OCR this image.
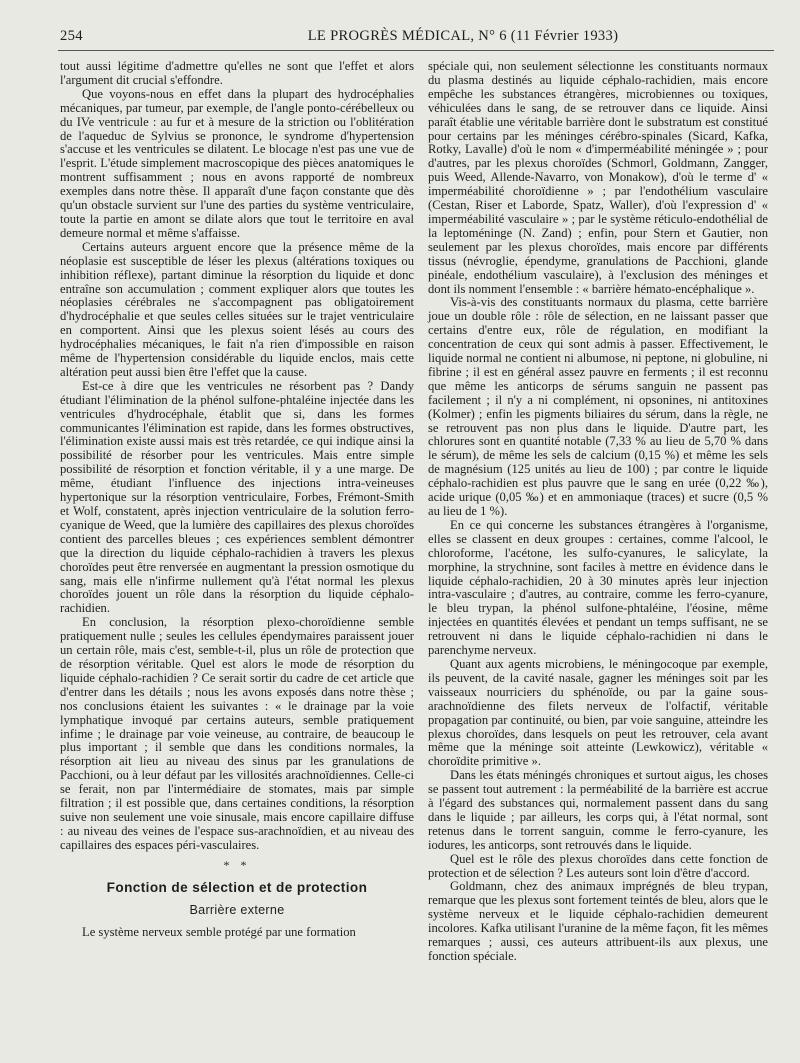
254	LE PROGRÈS MÉDICAL, N° 6 (11 Février 1933)

tout aussi légitime d'admettre qu'elles ne sont que l'effet et alors l'argument dit crucial s'effondre.

Que voyons-nous en effet dans la plupart des hydrocéphalies mécaniques, par tumeur, par exemple, de l'angle ponto-cérébelleux ou du IVe ventricule : au fur et à mesure de la striction ou l'oblitération de l'aqueduc de Sylvius se prononce, le syndrome d'hypertension s'accuse et les ventricules se dilatent. Le blocage n'est pas une vue de l'esprit. L'étude simplement macroscopique des pièces anatomiques le montrent suffisamment ; nous en avons rapporté de nombreux exemples dans notre thèse. Il apparaît d'une façon constante que dès qu'un obstacle survient sur l'une des parties du système ventriculaire, toute la partie en amont se dilate alors que tout le territoire en aval demeure normal et même s'affaisse.

Certains auteurs arguent encore que la présence même de la néoplasie est susceptible de léser les plexus (altérations toxiques ou inhibition réflexe), partant diminue la résorption du liquide et donc entraîne son accumulation ; comment expliquer alors que toutes les néoplasies cérébrales ne s'accompagnent pas obligatoirement d'hydrocéphalie et que seules celles situées sur le trajet ventriculaire en comportent. Ainsi que les plexus soient lésés au cours des hydrocéphalies mécaniques, le fait n'a rien d'impossible en raison même de l'hypertension considérable du liquide enclos, mais cette altération peut aussi bien être l'effet que la cause.

Est-ce à dire que les ventricules ne résorbent pas ? Dandy étudiant l'élimination de la phénol sulfone-phtaléine injectée dans les ventricules d'hydrocéphale, établit que si, dans les formes communicantes l'élimination est rapide, dans les formes obstructives, l'élimination existe aussi mais est très retardée, ce qui indique ainsi la possibilité de résorber pour les ventricules. Mais entre simple possibilité de résorption et fonction véritable, il y a une marge. De même, étudiant l'influence des injections intra-veineuses hypertonique sur la résorption ventriculaire, Forbes, Frémont-Smith et Wolf, constatent, après injection ventriculaire de la solution ferro-cyanique de Weed, que la lumière des capillaires des plexus choroïdes contient des parcelles bleues ; ces expériences semblent démontrer que la direction du liquide céphalo-rachidien à travers les plexus choroïdes peut être renversée en augmentant la pression osmotique du sang, mais elle n'infirme nullement qu'à l'état normal les plexus choroïdes jouent un rôle dans la résorption du liquide céphalo-rachidien.

En conclusion, la résorption plexo-choroïdienne semble pratiquement nulle ; seules les cellules épendymaires paraissent jouer un certain rôle, mais c'est, semble-t-il, plus un rôle de protection que de résorption véritable. Quel est alors le mode de résorption du liquide céphalo-rachidien ? Ce serait sortir du cadre de cet article que d'entrer dans les détails ; nous les avons exposés dans notre thèse ; nos conclusions étaient les suivantes : « le drainage par la voie lymphatique invoqué par certains auteurs, semble pratiquement infime ; le drainage par voie veineuse, au contraire, de beaucoup le plus important ; il semble que dans les conditions normales, la résorption ait lieu au niveau des sinus par les granulations de Pacchioni, ou à leur défaut par les villosités arachnoïdiennes. Celle-ci se ferait, non par l'intermédiaire de stomates, mais par simple filtration ; il est possible que, dans certaines conditions, la résorption suive non seulement une voie sinusale, mais encore capillaire diffuse : au niveau des veines de l'espace sus-arachnoïdien, et au niveau des capillaires des espaces péri-vasculaires.

* *
Fonction de sélection et de protection
Barrière externe

Le système nerveux semble protégé par une formation

spéciale qui, non seulement sélectionne les constituants normaux du plasma destinés au liquide céphalo-rachidien, mais encore empêche les substances étrangères, microbiennes ou toxiques, véhiculées dans le sang, de se retrouver dans ce liquide. Ainsi paraît établie une véritable barrière dont le substratum est constitué pour certains par les méninges cérébro-spinales (Sicard, Kafka, Rotky, Lavalle) d'où le nom « d'imperméabilité méningée » ; pour d'autres, par les plexus choroïdes (Schmorl, Goldmann, Zangger, puis Weed, Allende-Navarro, von Monakow), d'où le terme d' « imperméabilité choroïdienne » ; par l'endothélium vasculaire (Cestan, Riser et Laborde, Spatz, Waller), d'où l'expression d' « imperméabilité vasculaire » ; par le système réticulo-endothélial de la leptoméninge (N. Zand) ; enfin, pour Stern et Gautier, non seulement par les plexus choroïdes, mais encore par différents tissus (névroglie, épendyme, granulations de Pacchioni, glande pinéale, endothélium vasculaire), à l'exclusion des méninges et dont ils nomment l'ensemble : « barrière hémato-encéphalique ».

Vis-à-vis des constituants normaux du plasma, cette barrière joue un double rôle : rôle de sélection, en ne laissant passer que certains d'entre eux, rôle de régulation, en modifiant la concentration de ceux qui sont admis à passer. Effectivement, le liquide normal ne contient ni albumose, ni peptone, ni globuline, ni fibrine ; il est en général assez pauvre en ferments ; il est reconnu que même les anticorps de sérums sanguin ne passent pas facilement ; il n'y a ni complément, ni opsonines, ni antitoxines (Kolmer) ; enfin les pigments biliaires du sérum, dans la règle, ne se retrouvent pas non plus dans le liquide. D'autre part, les chlorures sont en quantité notable (7,33 % au lieu de 5,70 % dans le sérum), de même les sels de calcium (0,15 %) et même les sels de magnésium (125 unités au lieu de 100) ; par contre le liquide céphalo-rachidien est plus pauvre que le sang en urée (0,22 ‰), acide urique (0,05 ‰) et en ammoniaque (traces) et sucre (0,5 % au lieu de 1 %).

En ce qui concerne les substances étrangères à l'organisme, elles se classent en deux groupes : certaines, comme l'alcool, le chloroforme, l'acétone, les sulfo-cyanures, le salicylate, la morphine, la strychnine, sont faciles à mettre en évidence dans le liquide céphalo-rachidien, 20 à 30 minutes après leur injection intra-vasculaire ; d'autres, au contraire, comme les ferro-cyanure, le bleu trypan, la phénol sulfone-phtaléine, l'éosine, même injectées en quantités élevées et pendant un temps suffisant, ne se retrouvent ni dans le liquide céphalo-rachidien ni dans le parenchyme nerveux.

Quant aux agents microbiens, le méningocoque par exemple, ils peuvent, de la cavité nasale, gagner les méninges soit par les vaisseaux nourriciers du sphénoïde, ou par la gaine sous-arachnoïdienne des filets nerveux de l'olfactif, véritable propagation par continuité, ou bien, par voie sanguine, atteindre les plexus choroïdes, dans lesquels on peut les retrouver, cela avant même que la méninge soit atteinte (Lewkowicz), véritable « choroïdite primitive ».

Dans les états méningés chroniques et surtout aigus, les choses se passent tout autrement : la perméabilité de la barrière est accrue à l'égard des substances qui, normalement passent dans du sang dans le liquide ; par ailleurs, les corps qui, à l'état normal, sont retenus dans le torrent sanguin, comme le ferro-cyanure, les iodures, les anticorps, sont retrouvés dans le liquide.

Quel est le rôle des plexus choroïdes dans cette fonction de protection et de sélection ? Les auteurs sont loin d'être d'accord.

Goldmann, chez des animaux imprégnés de bleu trypan, remarque que les plexus sont fortement teintés de bleu, alors que le système nerveux et le liquide céphalo-rachidien demeurent incolores. Kafka utilisant l'uranine de la même façon, fit les mêmes remarques ; aussi, ces auteurs attribuent-ils aux plexus, une fonction spéciale.
